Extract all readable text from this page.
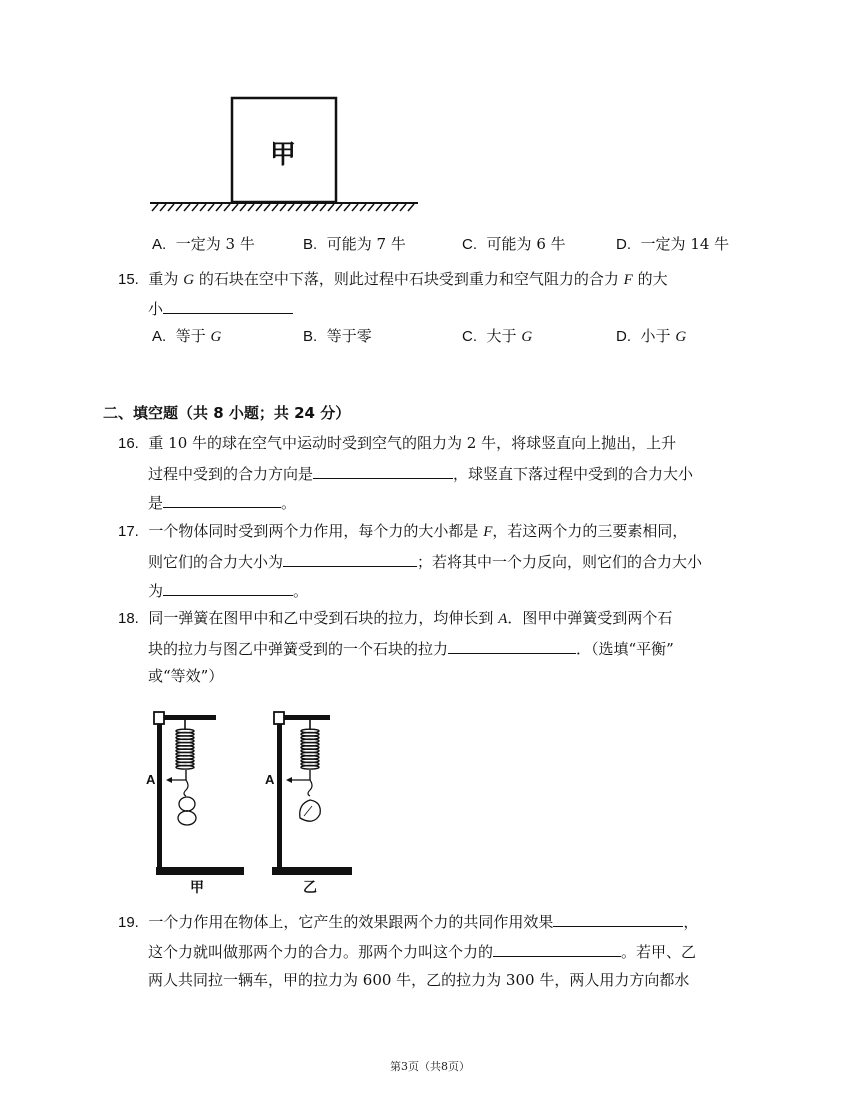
甲
A. 一定为 3 牛	B. 可能为 7 牛	C. 可能为 6 牛	D. 一定为 14 牛
15. 重为 G 的石块在空中下落，则此过程中石块受到重力和空气阻力的合力 F 的大
小
A. 等于 G	B. 等于零	C. 大于 G	D. 小于 G
二、填空题（共 8 小题；共 24 分）
16. 重 10 牛的球在空气中运动时受到空气的阻力为 2 牛，将球竖直向上抛出，上升
过程中受到的合力方向是	，球竖直下落过程中受到的合力大小
是	。
17. 一个物体同时受到两个力作用，每个力的大小都是 F，若这两个力的三要素相同，
则它们的合力大小为	；若将其中一个力反向，则它们的合力大小
为	。
18. 同一弹簧在图甲中和乙中受到石块的拉力，均伸长到 A．图甲中弹簧受到两个石
块的拉力与图乙中弹簧受到的一个石块的拉力	．（选填“平衡”
或“等效”）
A	A
甲	乙
19. 一个力作用在物体上，它产生的效果跟两个力的共同作用效果	，
这个力就叫做那两个力的合力。那两个力叫这个力的	。若甲、乙
两人共同拉一辆车，甲的拉力为 600 牛，乙的拉力为 300 牛，两人用力方向都水
第3页（共8页）
